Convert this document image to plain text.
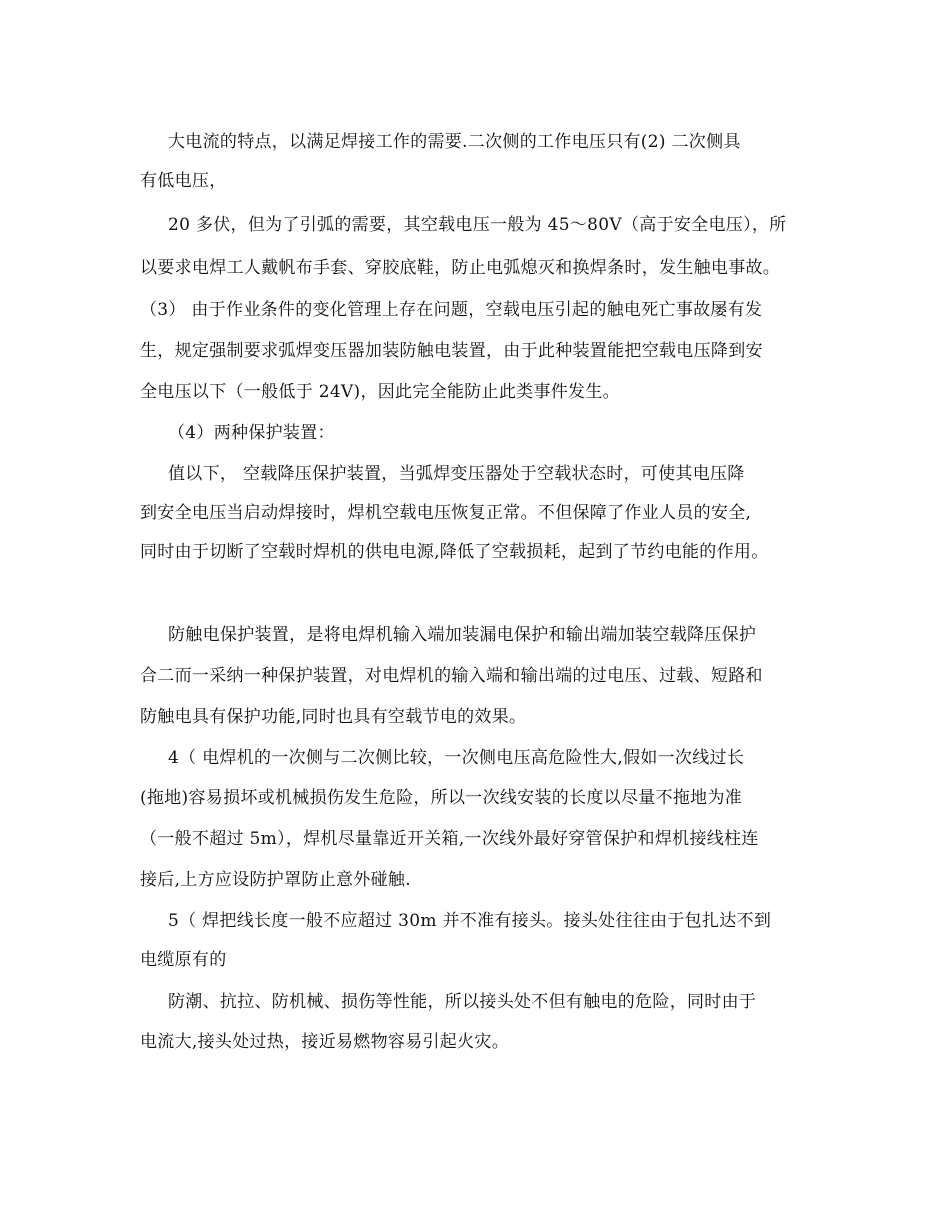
大电流的特点，以满足焊接工作的需要.二次侧的工作电压只有(2) 二次侧具
有低电压，
20 多伏，但为了引弧的需要，其空载电压一般为 45～80V（高于安全电压），所
以要求电焊工人戴帆布手套、穿胶底鞋，防止电弧熄灭和换焊条时，发生触电事故。
（3） 由于作业条件的变化管理上存在问题，空载电压引起的触电死亡事故屡有发
生，规定强制要求弧焊变压器加装防触电装置，由于此种装置能把空载电压降到安
全电压以下（一般低于 24V)，因此完全能防止此类事件发生。
（4）两种保护装置：
值以下， 空载降压保护装置，当弧焊变压器处于空载状态时，可使其电压降
到安全电压当启动焊接时，焊机空载电压恢复正常。不但保障了作业人员的安全,
同时由于切断了空载时焊机的供电电源,降低了空载损耗，起到了节约电能的作用。
防触电保护装置，是将电焊机输入端加装漏电保护和输出端加装空载降压保护
合二而一采纳一种保护装置，对电焊机的输入端和输出端的过电压、过载、短路和
防触电具有保护功能,同时也具有空载节电的效果。
4（ 电焊机的一次侧与二次侧比较，一次侧电压高危险性大,假如一次线过长
(拖地)容易损坏或机械损伤发生危险，所以一次线安装的长度以尽量不拖地为准
（一般不超过 5m），焊机尽量靠近开关箱,一次线外最好穿管保护和焊机接线柱连
接后,上方应设防护罩防止意外碰触.
5（ 焊把线长度一般不应超过 30m 并不准有接头。接头处往往由于包扎达不到
电缆原有的
防潮、抗拉、防机械、损伤等性能，所以接头处不但有触电的危险，同时由于
电流大,接头处过热，接近易燃物容易引起火灾。
